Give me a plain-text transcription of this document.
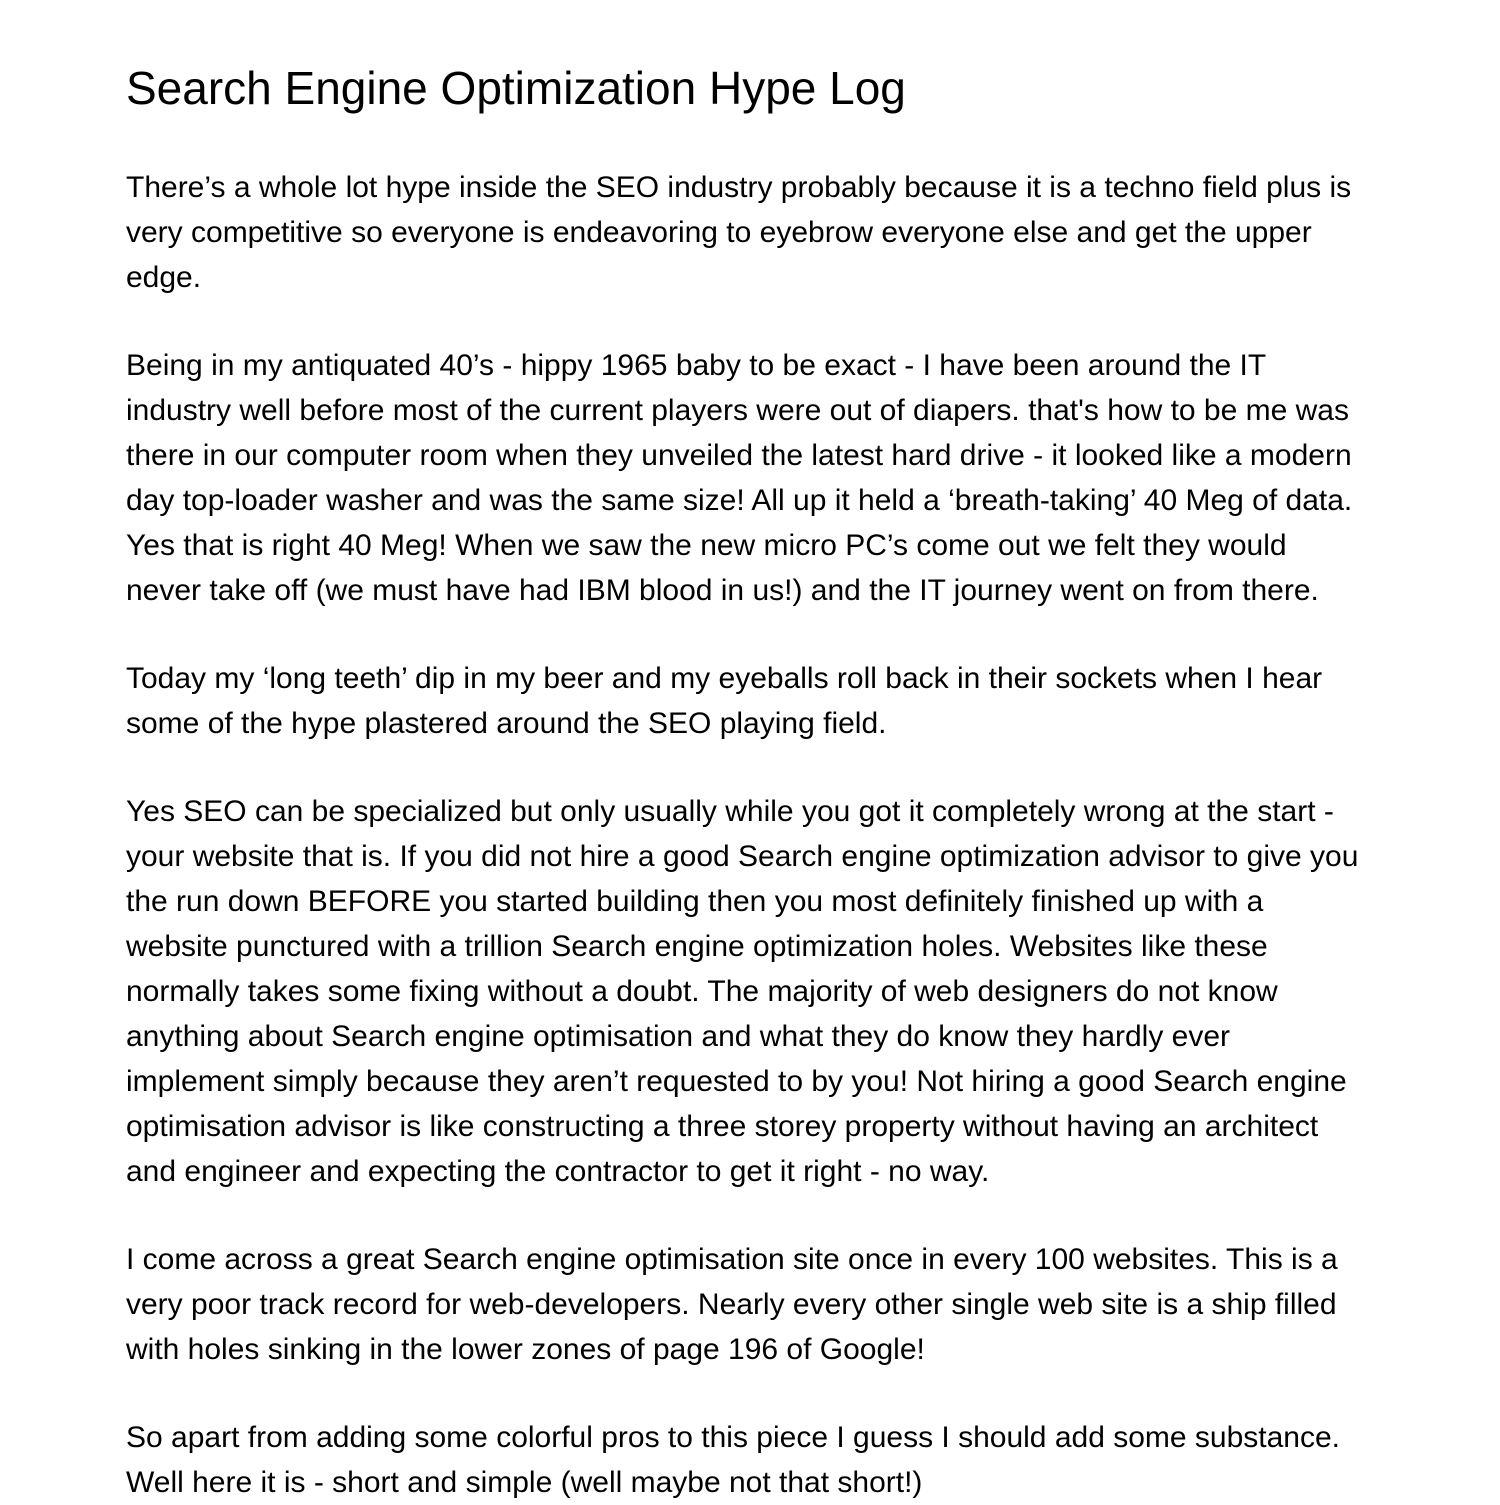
Search Engine Optimization Hype Log

There’s a whole lot hype inside the SEO industry probably because it is a techno field plus is very competitive so everyone is endeavoring to eyebrow everyone else and get the upper edge.

Being in my antiquated 40’s - hippy 1965 baby to be exact - I have been around the IT industry well before most of the current players were out of diapers. that's how to be me was there in our computer room when they unveiled the latest hard drive - it looked like a modern day top-loader washer and was the same size! All up it held a ‘breath-taking’ 40 Meg of data. Yes that is right 40 Meg! When we saw the new micro PC’s come out we felt they would never take off (we must have had IBM blood in us!) and the IT journey went on from there.

Today my ‘long teeth’ dip in my beer and my eyeballs roll back in their sockets when I hear some of the hype plastered around the SEO playing field.

Yes SEO can be specialized but only usually while you got it completely wrong at the start - your website that is. If you did not hire a good Search engine optimization advisor to give you the run down BEFORE you started building then you most definitely finished up with a website punctured with a trillion Search engine optimization holes. Websites like these normally takes some fixing without a doubt. The majority of web designers do not know anything about Search engine optimisation and what they do know they hardly ever implement simply because they aren’t requested to by you! Not hiring a good Search engine optimisation advisor is like constructing a three storey property without having an architect and engineer and expecting the contractor to get it right - no way.

I come across a great Search engine optimisation site once in every 100 websites. This is a very poor track record for web-developers. Nearly every other single web site is a ship filled with holes sinking in the lower zones of page 196 of Google!

So apart from adding some colorful pros to this piece I guess I should add some substance. Well here it is - short and simple (well maybe not that short!)
